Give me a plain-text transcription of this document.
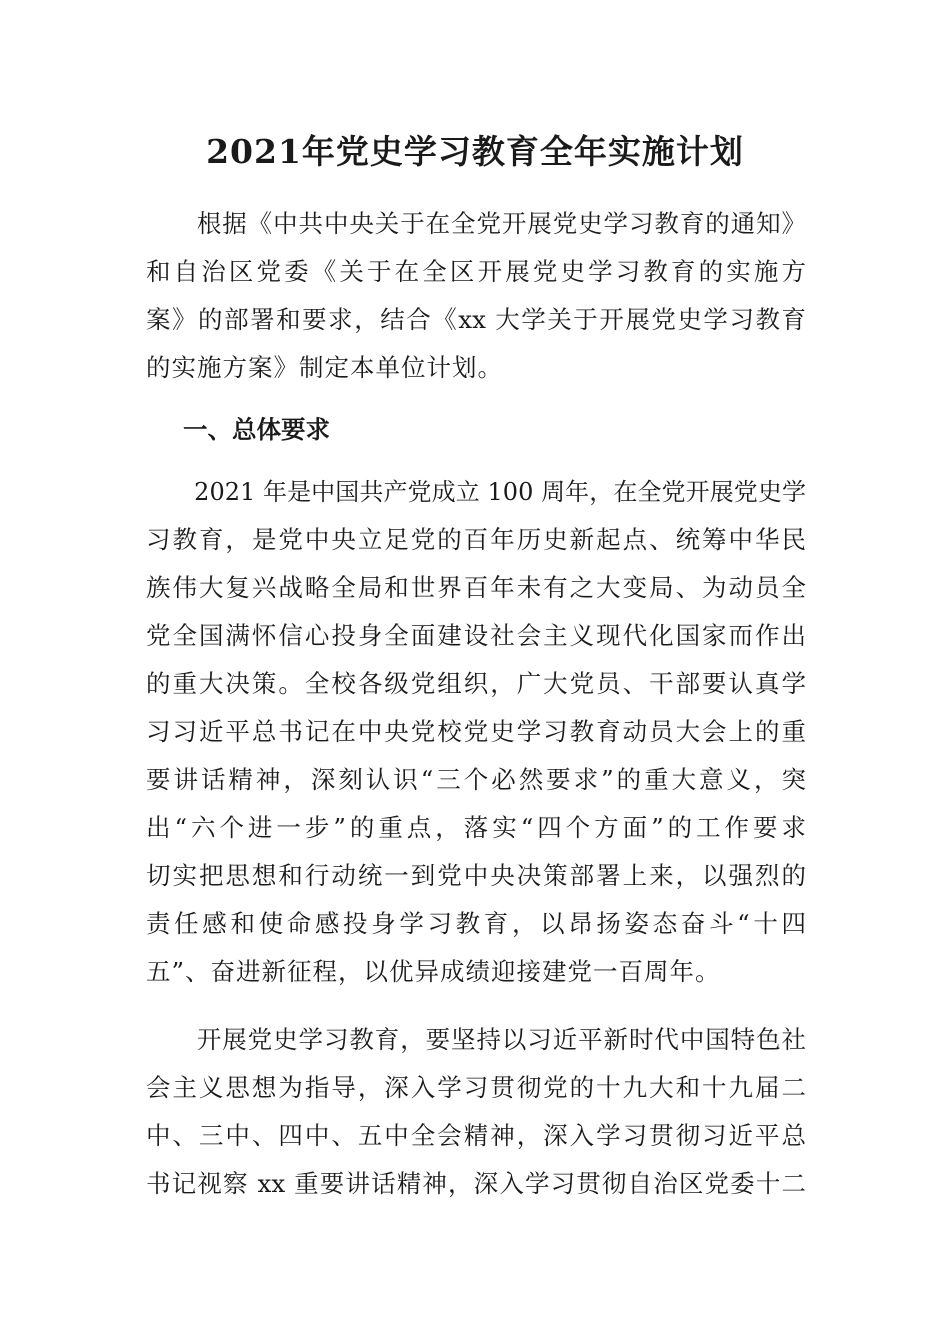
2021年党史学习教育全年实施计划
　　根据《中共中央关于在全党开展党史学习教育的通知》
和自治区党委《关于在全区开展党史学习教育的实施方
案》的部署和要求，结合《xx 大学关于开展党史学习教育
的实施方案》制定本单位计划。
一、总体要求
　　2021 年是中国共产党成立 100 周年，在全党开展党史学
习教育，是党中央立足党的百年历史新起点、统筹中华民
族伟大复兴战略全局和世界百年未有之大变局、为动员全
党全国满怀信心投身全面建设社会主义现代化国家而作出
的重大决策。全校各级党组织，广大党员、干部要认真学
习习近平总书记在中央党校党史学习教育动员大会上的重
要讲话精神，深刻认识“三个必然要求”的重大意义，突
出“六个进一步”的重点，落实“四个方面”的工作要求
切实把思想和行动统一到党中央决策部署上来，以强烈的
责任感和使命感投身学习教育，以昂扬姿态奋斗“十四
五”、奋进新征程，以优异成绩迎接建党一百周年。
　　开展党史学习教育，要坚持以习近平新时代中国特色社
会主义思想为指导，深入学习贯彻党的十九大和十九届二
中、三中、四中、五中全会精神，深入学习贯彻习近平总
书记视察 xx 重要讲话精神，深入学习贯彻自治区党委十二
